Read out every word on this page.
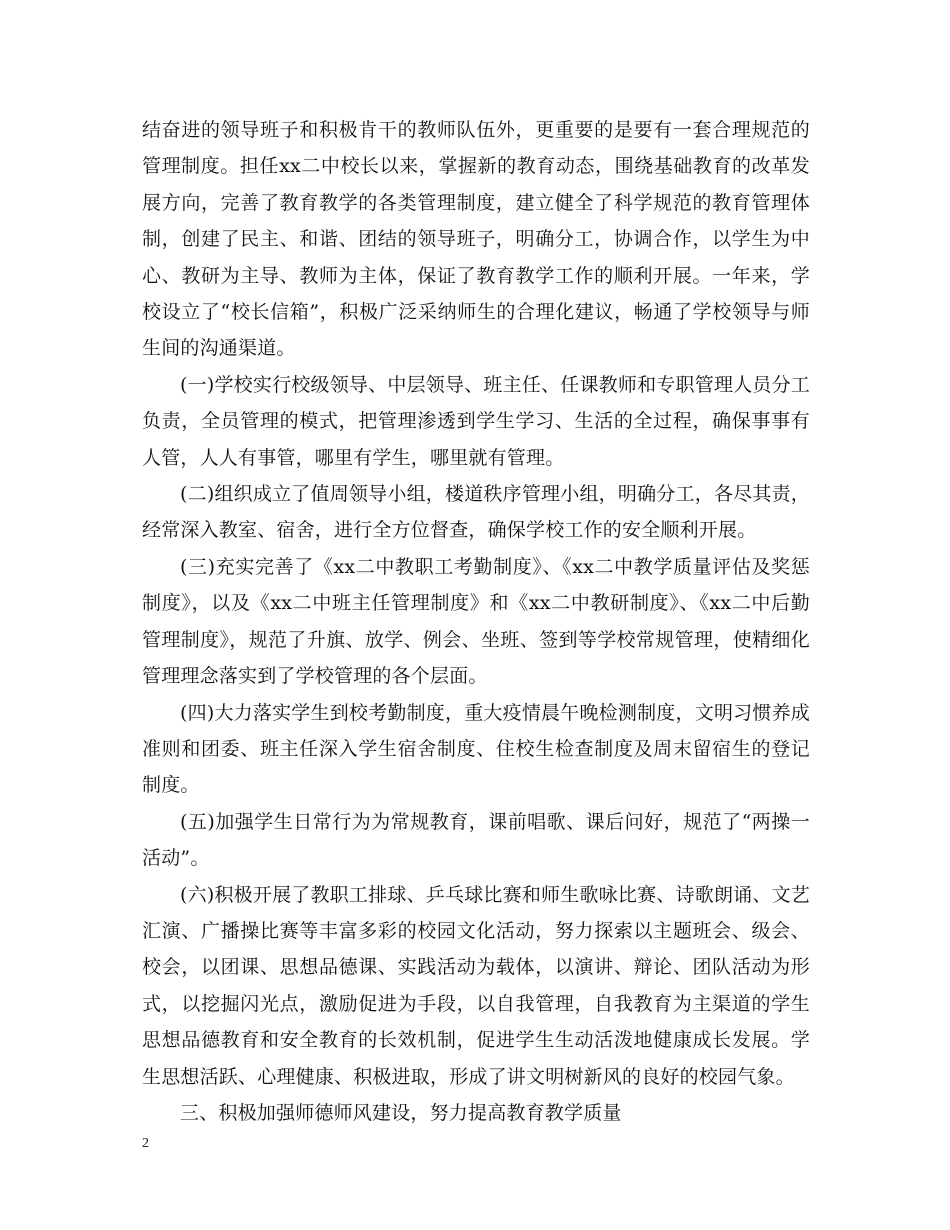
结奋进的领导班子和积极肯干的教师队伍外，更重要的是要有一套合理规范的管理制度。担任xx二中校长以来，掌握新的教育动态，围绕基础教育的改革发展方向，完善了教育教学的各类管理制度，建立健全了科学规范的教育管理体制，创建了民主、和谐、团结的领导班子，明确分工，协调合作，以学生为中心、教研为主导、教师为主体，保证了教育教学工作的顺利开展。一年来，学校设立了“校长信箱”，积极广泛采纳师生的合理化建议，畅通了学校领导与师生间的沟通渠道。

(一)学校实行校级领导、中层领导、班主任、任课教师和专职管理人员分工负责，全员管理的模式，把管理渗透到学生学习、生活的全过程，确保事事有人管，人人有事管，哪里有学生，哪里就有管理。

(二)组织成立了值周领导小组，楼道秩序管理小组，明确分工，各尽其责，经常深入教室、宿舍，进行全方位督查，确保学校工作的安全顺利开展。

(三)充实完善了《xx二中教职工考勤制度》、《xx二中教学质量评估及奖惩制度》，以及《xx二中班主任管理制度》和《xx二中教研制度》、《xx二中后勤管理制度》，规范了升旗、放学、例会、坐班、签到等学校常规管理，使精细化管理理念落实到了学校管理的各个层面。

(四)大力落实学生到校考勤制度，重大疫情晨午晚检测制度，文明习惯养成准则和团委、班主任深入学生宿舍制度、住校生检查制度及周末留宿生的登记制度。

(五)加强学生日常行为为常规教育，课前唱歌、课后问好，规范了“两操一活动”。

(六)积极开展了教职工排球、乒乓球比赛和师生歌咏比赛、诗歌朗诵、文艺汇演、广播操比赛等丰富多彩的校园文化活动，努力探索以主题班会、级会、校会，以团课、思想品德课、实践活动为载体，以演讲、辩论、团队活动为形式，以挖掘闪光点，激励促进为手段，以自我管理，自我教育为主渠道的学生思想品德教育和安全教育的长效机制，促进学生生动活泼地健康成长发展。学生思想活跃、心理健康、积极进取，形成了讲文明树新风的良好的校园气象。

三、积极加强师德师风建设，努力提高教育教学质量

2
